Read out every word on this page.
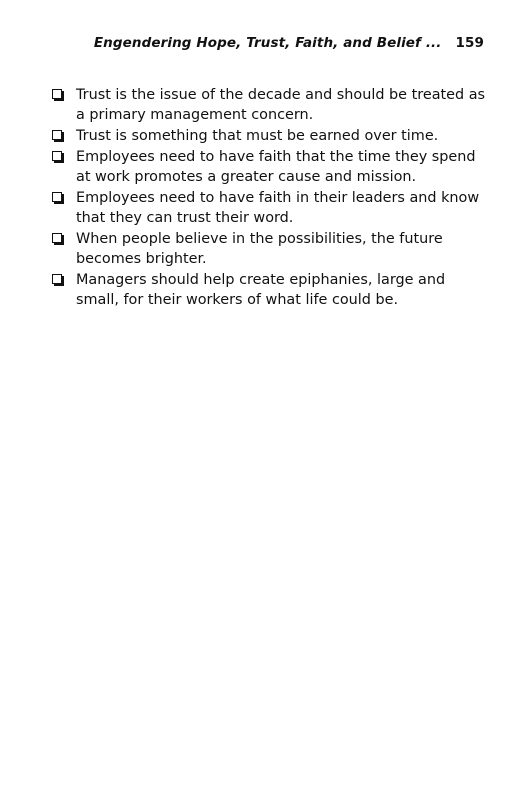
Engendering Hope, Trust, Faith, and Belief ... 159
Trust is the issue of the decade and should be treated as a primary management concern.
Trust is something that must be earned over time.
Employees need to have faith that the time they spend at work promotes a greater cause and mission.
Employees need to have faith in their leaders and know that they can trust their word.
When people believe in the possibilities, the future becomes brighter.
Managers should help create epiphanies, large and small, for their workers of what life could be.
